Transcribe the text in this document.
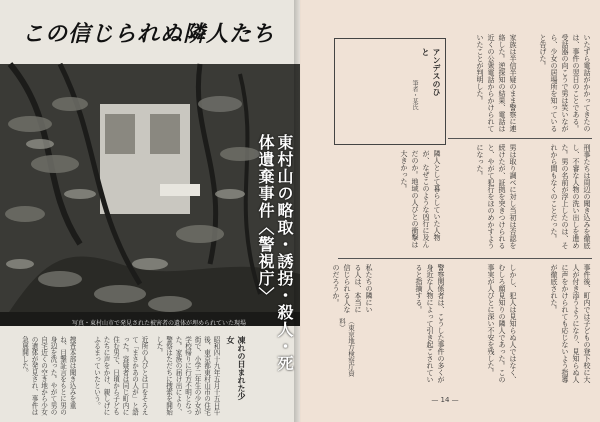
この信じられぬ隣人たち
東村山の略取・誘拐・殺人・死体遺棄事件〈警視庁〉
写真・東村山市で発見された被害者の遺体が埋められていた現場
凍れの日まれた少女
昭和四十九年五月十五日午後、東京都東村山市の住宅街で、小学二年生の少女が学校帰りに行方不明となった。家族の届け出により、警察はただちに捜索を開始した。
近所の人びとは口をそろえて「まさかあの人が」と語った。容疑者は同じ町内に住む男で、日頃から子どもたちに声をかけ、親しげにふるまっていたという。
捜査本部は聞き込みを重ね、目撃証言をもとに男の身辺を洗った。やがて男の自宅近くの空き地から少女の遺体が発見され、事件は急展開した。
アンデスのひと
筆者・某氏	いたずら電話がかかってきたのは、事件の翌日のことである。受話器の向こうで男は笑いながら、少女の居場所を知っていると告げた。
家族は半信半疑のまま警察に連絡した。逆探知の結果、電話は近くの公衆電話からかけられていたことが判明した。
刑事たちは周辺の聞き込みを徹底し、不審な人物の洗い出しを進めた。男の名前が浮上したのは、それから間もなくのことだった。
男は取り調べに対し当初は否認を続けたが、証拠を突きつけられると、やがて犯行をほのめかすようになった。
隣人として暮らしていた人物が、なぜこのような凶行に及んだのか。地域の人びとの衝撃は大きかった。
事件後、町内では子どもの登下校に大人が付き添うようになり、見知らぬ人に声をかけられても応じないよう指導が徹底された。
しかし、犯人は見知らぬ人ではなく、むしろ顔見知りの隣人であった。この事実が人びとに深い不安を残した。
警察関係者は、こうした事件の多くが身近な人物によって引き起こされていると指摘する。
私たちの隣にいる人は、本当に信じられる人なのだろうか。
（東京地方検察庁資料）
— 14 —
